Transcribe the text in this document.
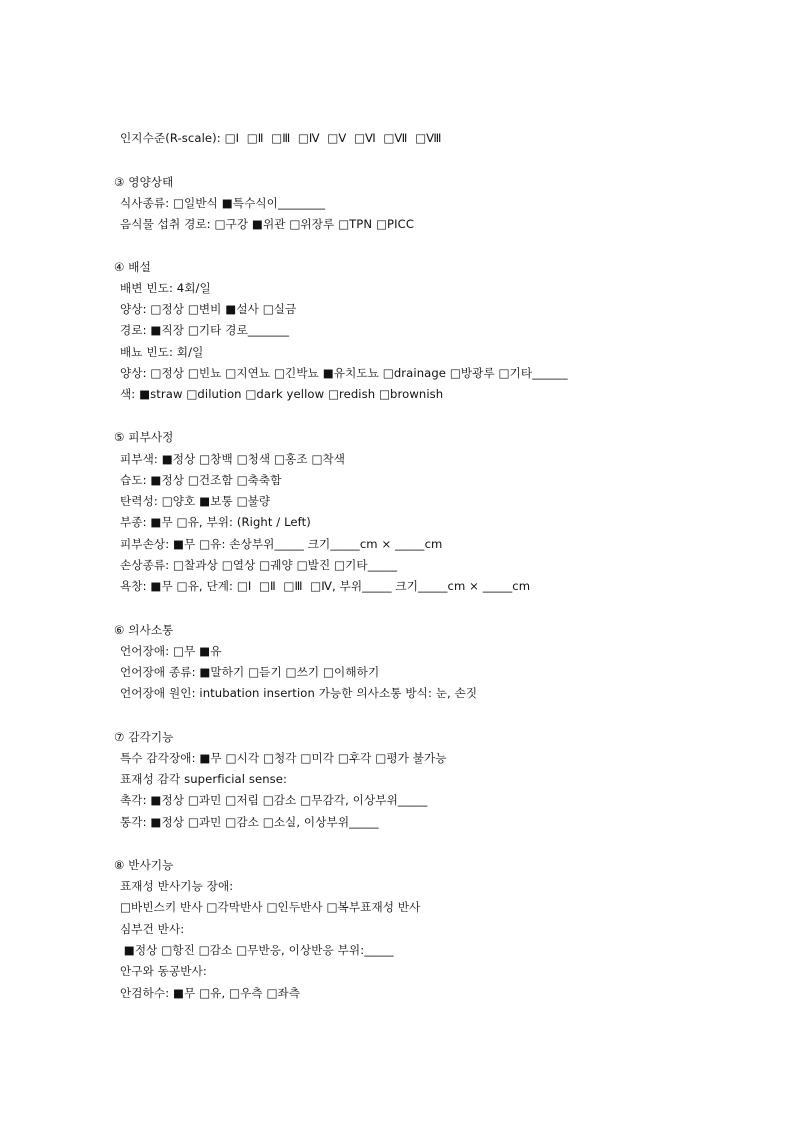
인지수준(R-scale): □Ⅰ  □Ⅱ  □Ⅲ  □Ⅳ  □Ⅴ  □Ⅵ  □Ⅶ  □Ⅷ
③ 영양상태
식사종류: □일반식 ■특수식이________
음식물 섭취 경로: □구강 ■위관 □위장루 □TPN □PICC
④ 배설
배변 빈도: 4회/일
양상: □정상 □변비 ■설사 □실금
경로: ■직장 □기타 경로_______
배뇨 빈도: 회/일
양상: □정상 □빈뇨 □지연뇨 □긴박뇨 ■유치도뇨 □drainage □방광루 □기타______
색: ■straw □dilution □dark yellow □redish □brownish
⑤ 피부사정
피부색: ■정상 □창백 □청색 □홍조 □착색
습도: ■정상 □건조함 □축축함
탄력성: □양호 ■보통 □불량
부종: ■무 □유, 부위: (Right / Left)
피부손상: ■무 □유: 손상부위_____ 크기_____cm × _____cm
손상종류: □찰과상 □열상 □궤양 □발진 □기타_____
욕창: ■무 □유, 단계: □Ⅰ  □Ⅱ  □Ⅲ  □Ⅳ, 부위_____ 크기_____cm × _____cm
⑥ 의사소통
언어장애: □무 ■유
언어장애 종류: ■말하기 □듣기 □쓰기 □이해하기
언어장애 원인: intubation insertion 가능한 의사소통 방식: 눈, 손짓
⑦ 감각기능
특수 감각장애: ■무 □시각 □청각 □미각 □후각 □평가 불가능
표재성 감각 superficial sense:
촉각: ■정상 □과민 □저림 □감소 □무감각, 이상부위_____
통각: ■정상 □과민 □감소 □소실, 이상부위_____
⑧ 반사기능
표재성 반사기능 장애:
□바빈스키 반사 □각막반사 □인두반사 □복부표재성 반사
심부건 반사:
■정상 □항진 □감소 □무반응, 이상반응 부위:_____
안구와 동공반사:
안검하수: ■무 □유, □우측 □좌측
